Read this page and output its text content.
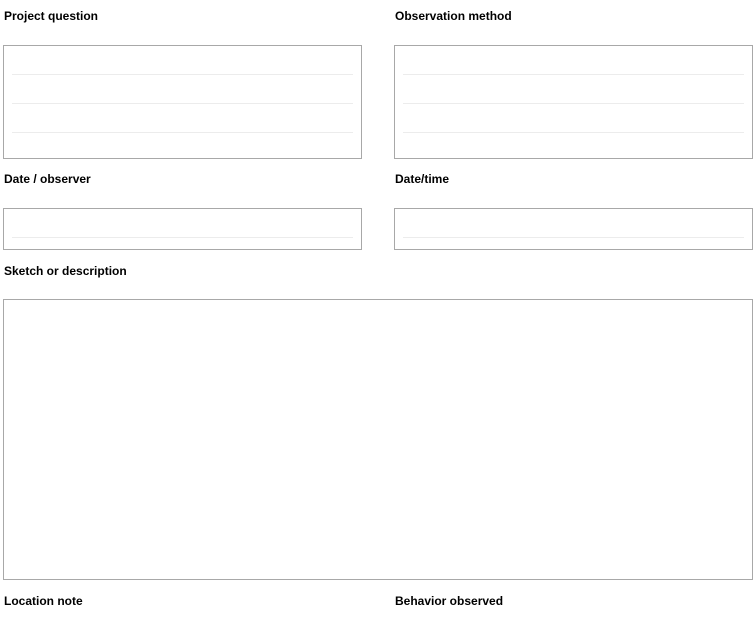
Project question	Observation method
Date / observer	Date/time
Sketch or description
Location note	Behavior observed
